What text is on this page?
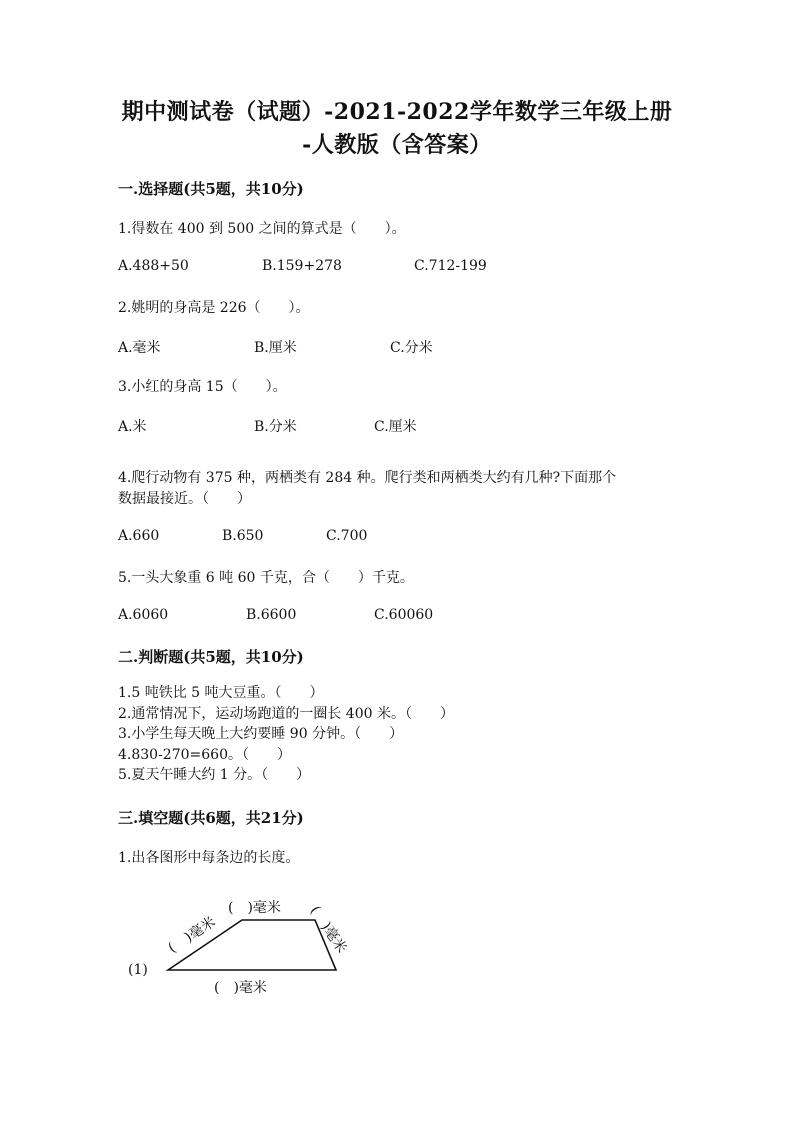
期中测试卷（试题）-2021-2022学年数学三年级上册
-人教版（含答案）
一.选择题(共5题，共10分)
1.得数在 400 到 500 之间的算式是（　　）。
A.488+50	B.159+278	C.712-199
2.姚明的身高是 226（　　）。
A.毫米	B.厘米	C.分米
3.小红的身高 15（　　）。
A.米	B.分米	C.厘米
4.爬行动物有 375 种，两栖类有 284 种。爬行类和两栖类大约有几种?下面那个
数据最接近。（　　）
A.660	B.650	C.700
5.一头大象重 6 吨 60 千克，合（　　）千克。
A.6060	B.6600	C.60060
二.判断题(共5题，共10分)
1.5 吨铁比 5 吨大豆重。（　　）
2.通常情况下，运动场跑道的一圈长 400 米。（　　）
3.小学生每天晚上大约要睡 90 分钟。（　　）
4.830-270=660。（　　）
5.夏天午睡大约 1 分。（　　）
三.填空题(共6题，共21分)
1.出各图形中每条边的长度。
(1)
(　)毫米
(　)毫米	(　)毫米
(　)毫米
